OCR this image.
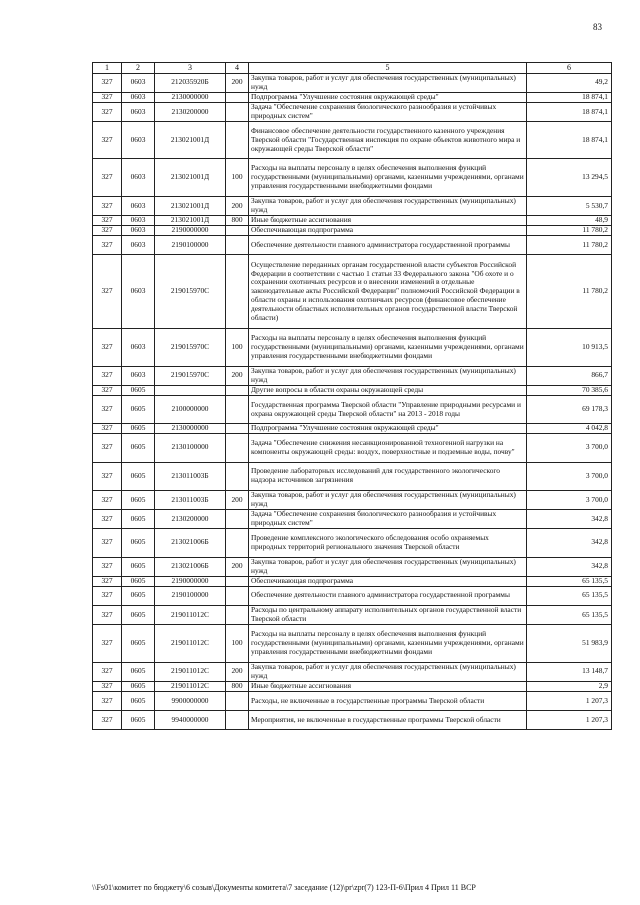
83
1	2	3	4	5	6
327	0603	212035920Б	200	Закупка товаров, работ и услуг для обеспечения государственных (муниципальных) нужд	49,2
327	0603	2130000000		Подпрограмма "Улучшение состояния окружающей среды"	18 874,1
327	0603	2130200000		Задача "Обеспечение сохранения биологического разнообразия и устойчивых природных систем"	18 874,1
327	0603	213021001Д		Финансовое обеспечение деятельности государственного казенного учреждения Тверской области "Государственная инспекция по охране объектов животного мира и окружающей среды Тверской области"	18 874,1
327	0603	213021001Д	100	Расходы на выплаты персоналу в целях обеспечения выполнения функций государственными (муниципальными) органами, казенными учреждениями, органами управления государственными внебюджетными фондами	13 294,5
327	0603	213021001Д	200	Закупка товаров, работ и услуг для обеспечения государственных (муниципальных) нужд	5 530,7
327	0603	213021001Д	800	Иные бюджетные ассигнования	48,9
327	0603	2190000000		Обеспечивающая подпрограмма	11 780,2
327	0603	2190100000		Обеспечение деятельности главного администратора государственной программы	11 780,2
327	0603	219015970С		Осуществление переданных органам государственной власти субъектов Российской Федерации в соответствии с частью 1 статьи 33 Федерального закона "Об охоте и о сохранении охотничьих ресурсов и о внесении изменений в отдельные законодательные акты Российской Федерации" полномочий Российской Федерации в области охраны и использования охотничьих ресурсов (финансовое обеспечение деятельности областных исполнительных органов государственной власти Тверской области)	11 780,2
327	0603	219015970С	100	Расходы на выплаты персоналу в целях обеспечения выполнения функций государственными (муниципальными) органами, казенными учреждениями, органами управления государственными внебюджетными фондами	10 913,5
327	0603	219015970С	200	Закупка товаров, работ и услуг для обеспечения государственных (муниципальных) нужд	866,7
327	0605			Другие вопросы в области охраны окружающей среды	70 385,6
327	0605	2100000000		Государственная программа Тверской области "Управление природными ресурсами и охрана окружающей среды Тверской области" на 2013 - 2018 годы	69 178,3
327	0605	2130000000		Подпрограмма "Улучшение состояния окружающей среды"	4 042,8
327	0605	2130100000		Задача "Обеспечение снижения несанкционированной техногенной нагрузки на компоненты окружающей среды: воздух, поверхностные и подземные воды, почву"	3 700,0
327	0605	213011003Б		Проведение лабораторных исследований для государственного экологического надзора источников загрязнения	3 700,0
327	0605	213011003Б	200	Закупка товаров, работ и услуг для обеспечения государственных (муниципальных) нужд	3 700,0
327	0605	2130200000		Задача "Обеспечение сохранения биологического разнообразия и устойчивых природных систем"	342,8
327	0605	213021006Б		Проведение комплексного экологического обследования особо охраняемых природных территорий регионального значения Тверской области	342,8
327	0605	213021006Б	200	Закупка товаров, работ и услуг для обеспечения государственных (муниципальных) нужд	342,8
327	0605	2190000000		Обеспечивающая подпрограмма	65 135,5
327	0605	2190100000		Обеспечение деятельности главного администратора государственной программы	65 135,5
327	0605	219011012С		Расходы по центральному аппарату исполнительных органов государственной власти Тверской области	65 135,5
327	0605	219011012С	100	Расходы на выплаты персоналу в целях обеспечения выполнения функций государственными (муниципальными) органами, казенными учреждениями, органами управления государственными внебюджетными фондами	51 983,9
327	0605	219011012С	200	Закупка товаров, работ и услуг для обеспечения государственных (муниципальных) нужд	13 148,7
327	0605	219011012С	800	Иные бюджетные ассигнования	2,9
327	0605	9900000000		Расходы, не включенные в государственные программы Тверской области	1 207,3
327	0605	9940000000		Мероприятия, не включенные в государственные программы Тверской области	1 207,3
\\Fs01\комитет по бюджету\6 созыв\Документы комитета\7 заседание (12)\pr\zpr(7) 123-П-6\Прил 4 Прил 11 ВСР
